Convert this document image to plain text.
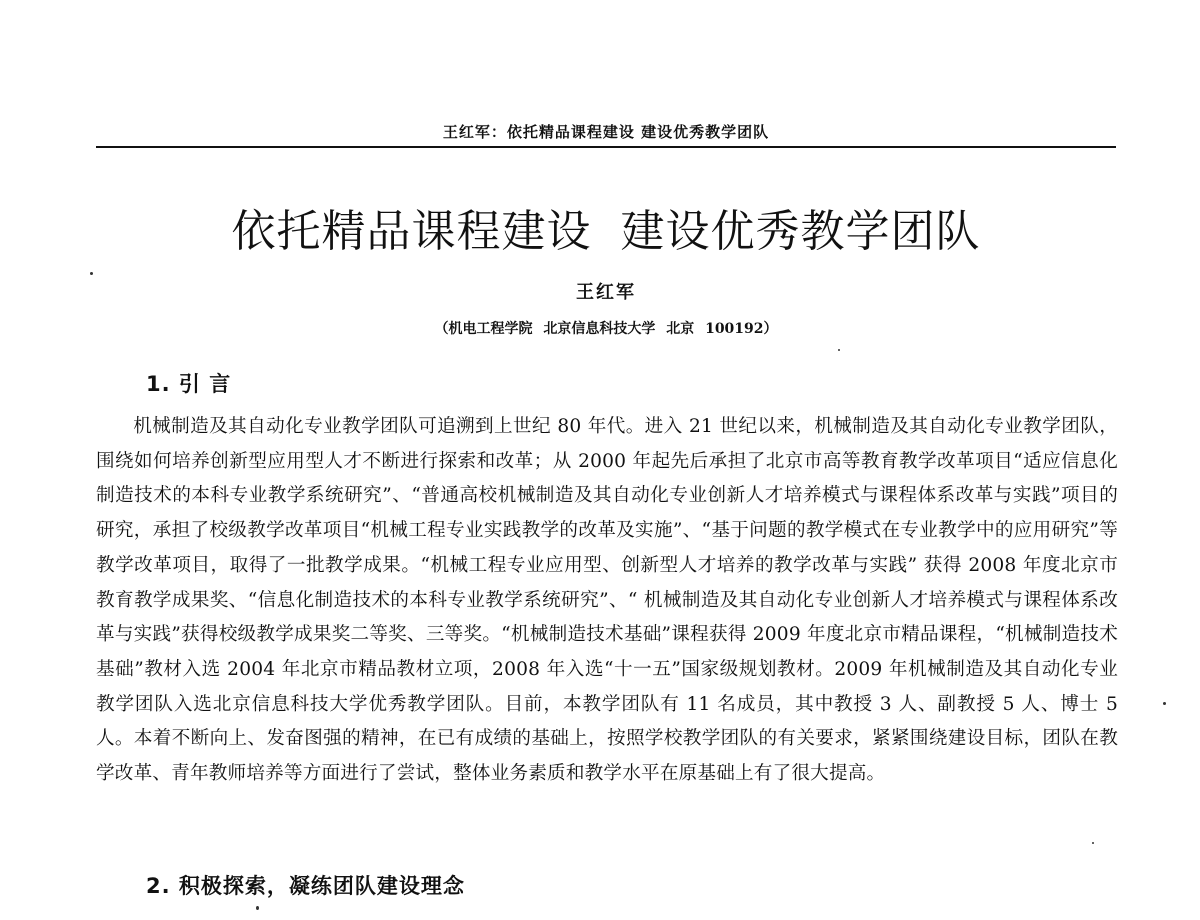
王红军：依托精品课程建设 建设优秀教学团队
依托精品课程建设 建设优秀教学团队
王红军
（机电工程学院 北京信息科技大学 北京 100192）
1. 引 言

机械制造及其自动化专业教学团队可追溯到上世纪 80 年代。进入 21 世纪以来，机械制造及其自动化专业教学团队，围绕如何培养创新型应用型人才不断进行探索和改革；从 2000 年起先后承担了北京市高等教育教学改革项目“适应信息化制造技术的本科专业教学系统研究”、“普通高校机械制造及其自动化专业创新人才培养模式与课程体系改革与实践”项目的研究，承担了校级教学改革项目“机械工程专业实践教学的改革及实施”、“基于问题的教学模式在专业教学中的应用研究”等教学改革项目，取得了一批教学成果。“机械工程专业应用型、创新型人才培养的教学改革与实践” 获得 2008 年度北京市教育教学成果奖、“信息化制造技术的本科专业教学系统研究”、“ 机械制造及其自动化专业创新人才培养模式与课程体系改革与实践”获得校级教学成果奖二等奖、三等奖。“机械制造技术基础”课程获得 2009 年度北京市精品课程，“机械制造技术基础”教材入选 2004 年北京市精品教材立项，2008 年入选“十一五”国家级规划教材。2009 年机械制造及其自动化专业教学团队入选北京信息科技大学优秀教学团队。目前，本教学团队有 11 名成员，其中教授 3 人、副教授 5 人、博士 5 人。本着不断向上、发奋图强的精神，在已有成绩的基础上，按照学校教学团队的有关要求，紧紧围绕建设目标，团队在教学改革、青年教师培养等方面进行了尝试，整体业务素质和教学水平在原基础上有了很大提高。

2. 积极探索，凝练团队建设理念
